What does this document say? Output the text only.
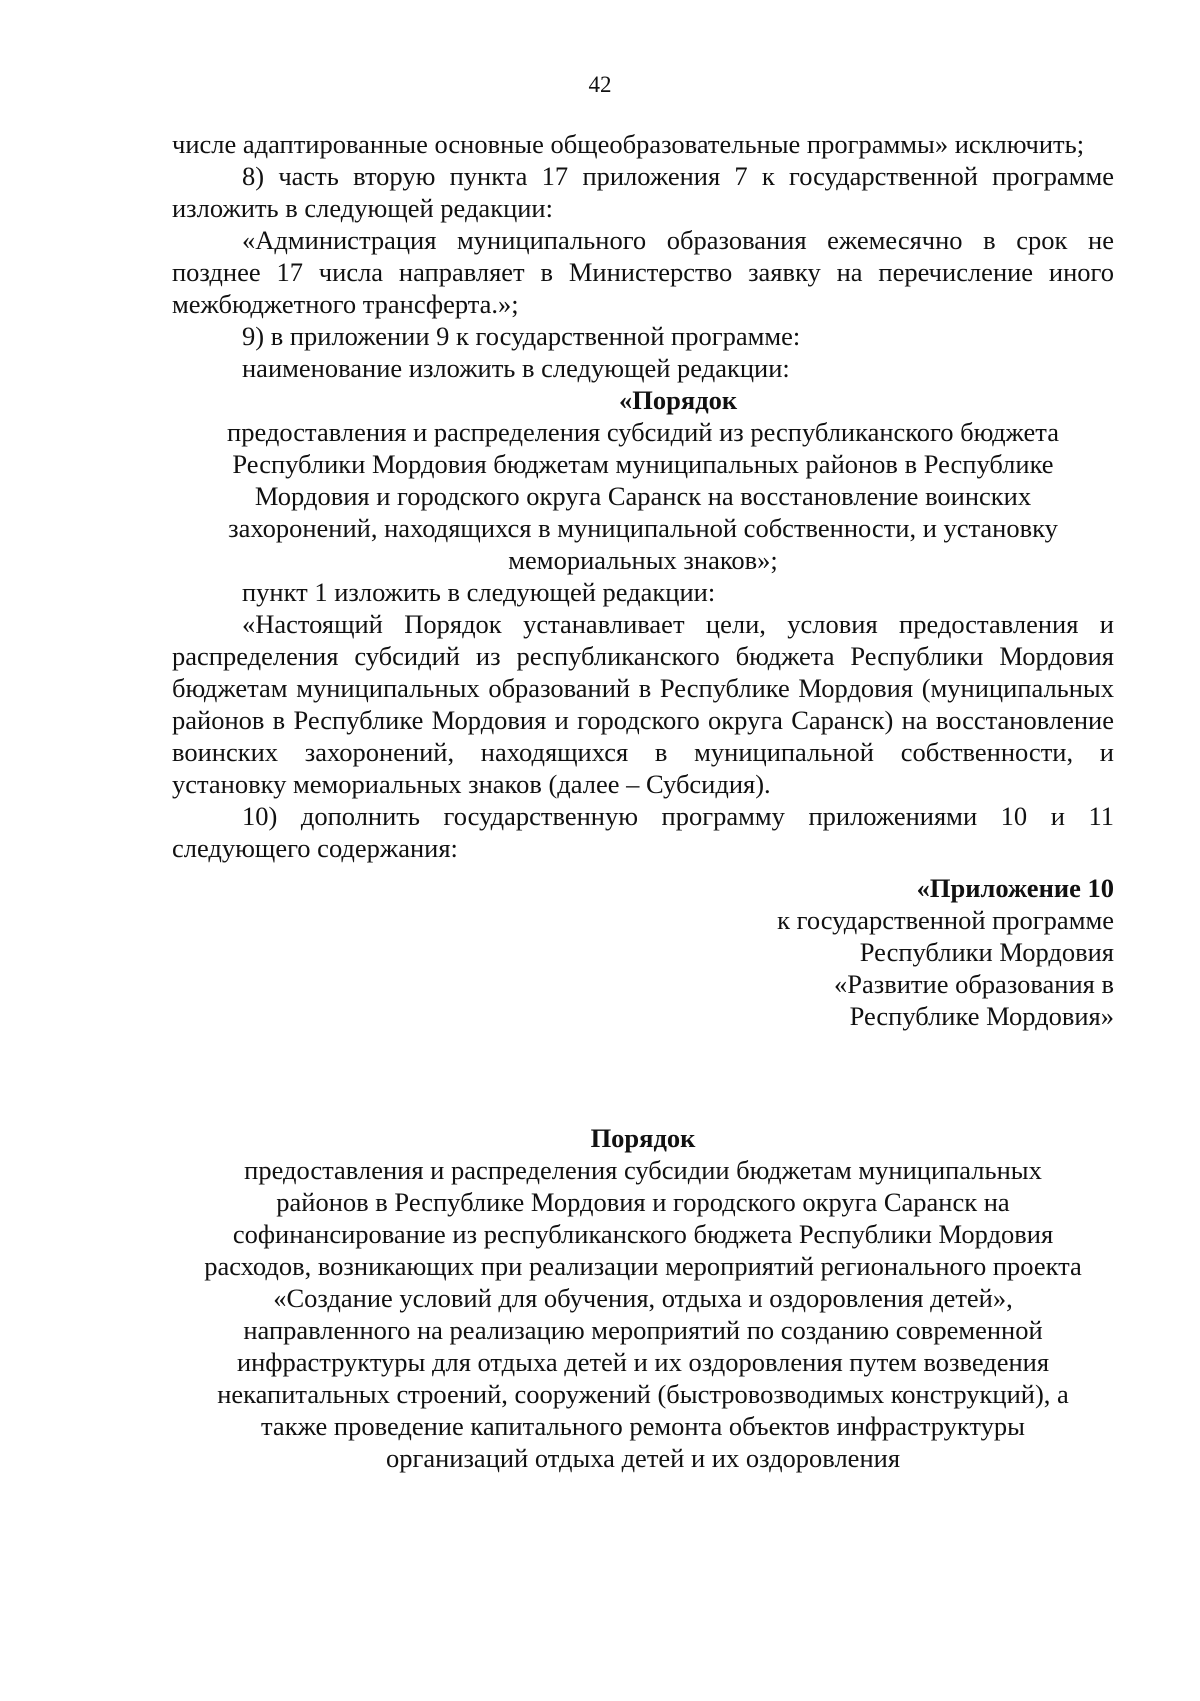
42

числе адаптированные основные общеобразовательные программы» исключить;

8) часть вторую пункта 17 приложения 7 к государственной программе изложить в следующей редакции:

«Администрация муниципального образования ежемесячно в срок не позднее 17 числа направляет в Министерство заявку на перечисление иного межбюджетного трансферта.»;

9) в приложении 9 к государственной программе:

наименование изложить в следующей редакции:

«Порядок

предоставления и распределения субсидий из республиканского бюджета Республики Мордовия бюджетам муниципальных районов в Республике Мордовия и городского округа Саранск на восстановление воинских захоронений, находящихся в муниципальной собственности, и установку мемориальных знаков»;

пункт 1 изложить в следующей редакции:

«Настоящий Порядок устанавливает цели, условия предоставления и распределения субсидий из республиканского бюджета Республики Мордовия бюджетам муниципальных образований в Республике Мордовия (муниципальных районов в Республике Мордовия и городского округа Саранск) на восстановление воинских захоронений, находящихся в муниципальной собственности, и установку мемориальных знаков (далее – Субсидия).

10) дополнить государственную программу приложениями 10 и 11 следующего содержания:

«Приложение 10

к государственной программе

Республики Мордовия

«Развитие образования в

Республике Мордовия»

Порядок

предоставления и распределения субсидии бюджетам муниципальных

районов в Республике Мордовия и городского округа Саранск на

софинансирование из республиканского бюджета Республики Мордовия

расходов, возникающих при реализации мероприятий регионального проекта

«Создание условий для обучения, отдыха и оздоровления детей»,

направленного на реализацию мероприятий по созданию современной

инфраструктуры для отдыха детей и их оздоровления путем возведения

некапитальных строений, сооружений (быстровозводимых конструкций), а

также проведение капитального ремонта объектов инфраструктуры

организаций отдыха детей и их оздоровления
